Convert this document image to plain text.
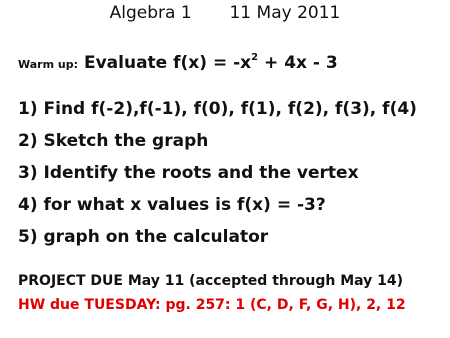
Algebra 1       11 May 2011
Warm up: Evaluate $f(x) = -x^2 + 4x - 3$
1) Find f(-2),f(-1), f(0), f(1), f(2), f(3), f(4)
2) Sketch the graph
3) Identify the roots and the vertex
4) for what x values is f(x) = -3?
5) graph on the calculator
PROJECT DUE May 11 (accepted through May 14)
HW due TUESDAY: pg. 257: 1 (C, D, F, G, H), 2, 12
